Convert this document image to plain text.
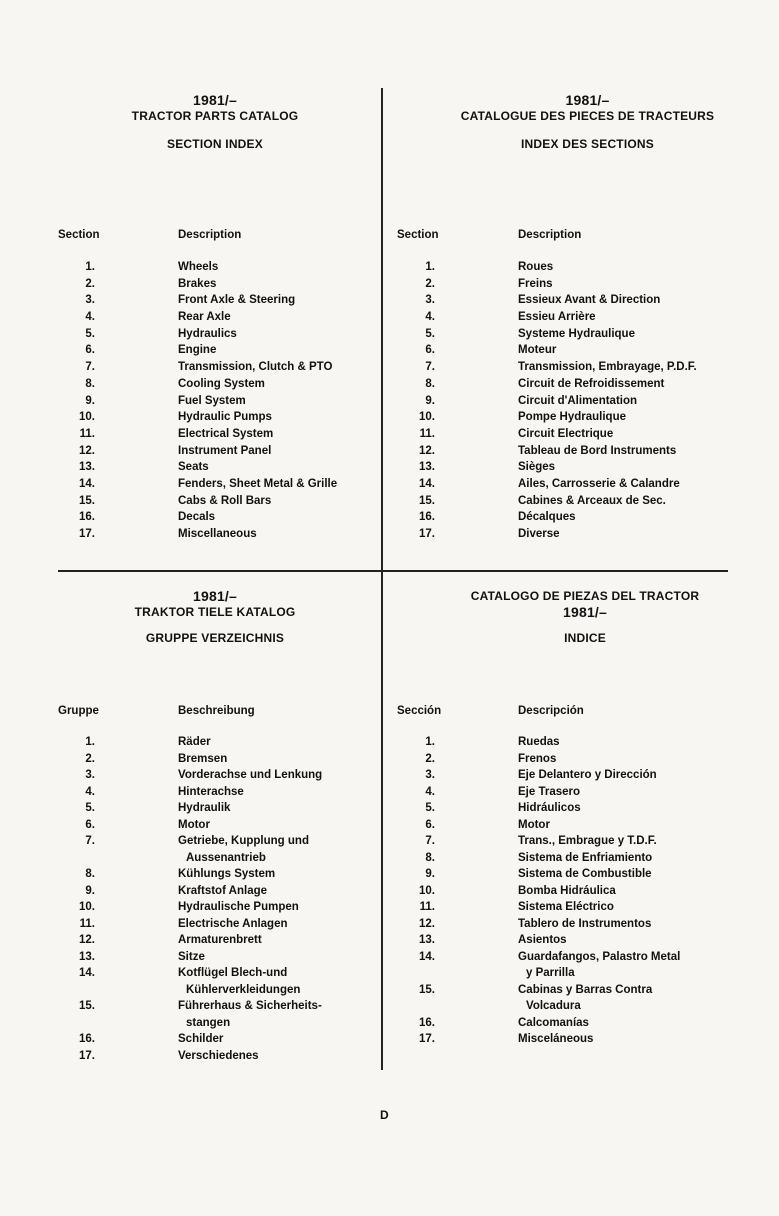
1981/–
TRACTOR PARTS CATALOG
SECTION INDEX
Section	Description
1.	Wheels
2.	Brakes
3.	Front Axle & Steering
4.	Rear Axle
5.	Hydraulics
6.	Engine
7.	Transmission, Clutch & PTO
8.	Cooling System
9.	Fuel System
10.	Hydraulic Pumps
11.	Electrical System
12.	Instrument Panel
13.	Seats
14.	Fenders, Sheet Metal & Grille
15.	Cabs & Roll Bars
16.	Decals
17.	Miscellaneous
1981/–
CATALOGUE DES PIECES DE TRACTEURS
INDEX DES SECTIONS
Section	Description
1.	Roues
2.	Freins
3.	Essieux Avant & Direction
4.	Essieu Arrière
5.	Systeme Hydraulique
6.	Moteur
7.	Transmission, Embrayage, P.D.F.
8.	Circuit de Refroidissement
9.	Circuit d'Alimentation
10.	Pompe Hydraulique
11.	Circuit Electrique
12.	Tableau de Bord Instruments
13.	Sièges
14.	Ailes, Carrosserie & Calandre
15.	Cabines & Arceaux de Sec.
16.	Décalques
17.	Diverse
1981/–
TRAKTOR TIELE KATALOG
GRUPPE VERZEICHNIS
Gruppe	Beschreibung
1.	Räder
2.	Bremsen
3.	Vorderachse und Lenkung
4.	Hinterachse
5.	Hydraulik
6.	Motor
7.	Getriebe, Kupplung und
Aussenantrieb
8.	Kühlungs System
9.	Kraftstof Anlage
10.	Hydraulische Pumpen
11.	Electrische Anlagen
12.	Armaturenbrett
13.	Sitze
14.	Kotflügel Blech-und
Kühlerverkleidungen
15.	Führerhaus & Sicherheits-
stangen
16.	Schilder
17.	Verschiedenes
CATALOGO DE PIEZAS DEL TRACTOR
1981/–
INDICE
Sección	Descripción
1.	Ruedas
2.	Frenos
3.	Eje Delantero y Dirección
4.	Eje Trasero
5.	Hidráulicos
6.	Motor
7.	Trans., Embrague y T.D.F.
8.	Sistema de Enfriamiento
9.	Sistema de Combustible
10.	Bomba Hidráulica
11.	Sistema Eléctrico
12.	Tablero de Instrumentos
13.	Asientos
14.	Guardafangos, Palastro Metal
y Parrilla
15.	Cabinas y Barras Contra
Volcadura
16.	Calcomanías
17.	Misceláneous
D
